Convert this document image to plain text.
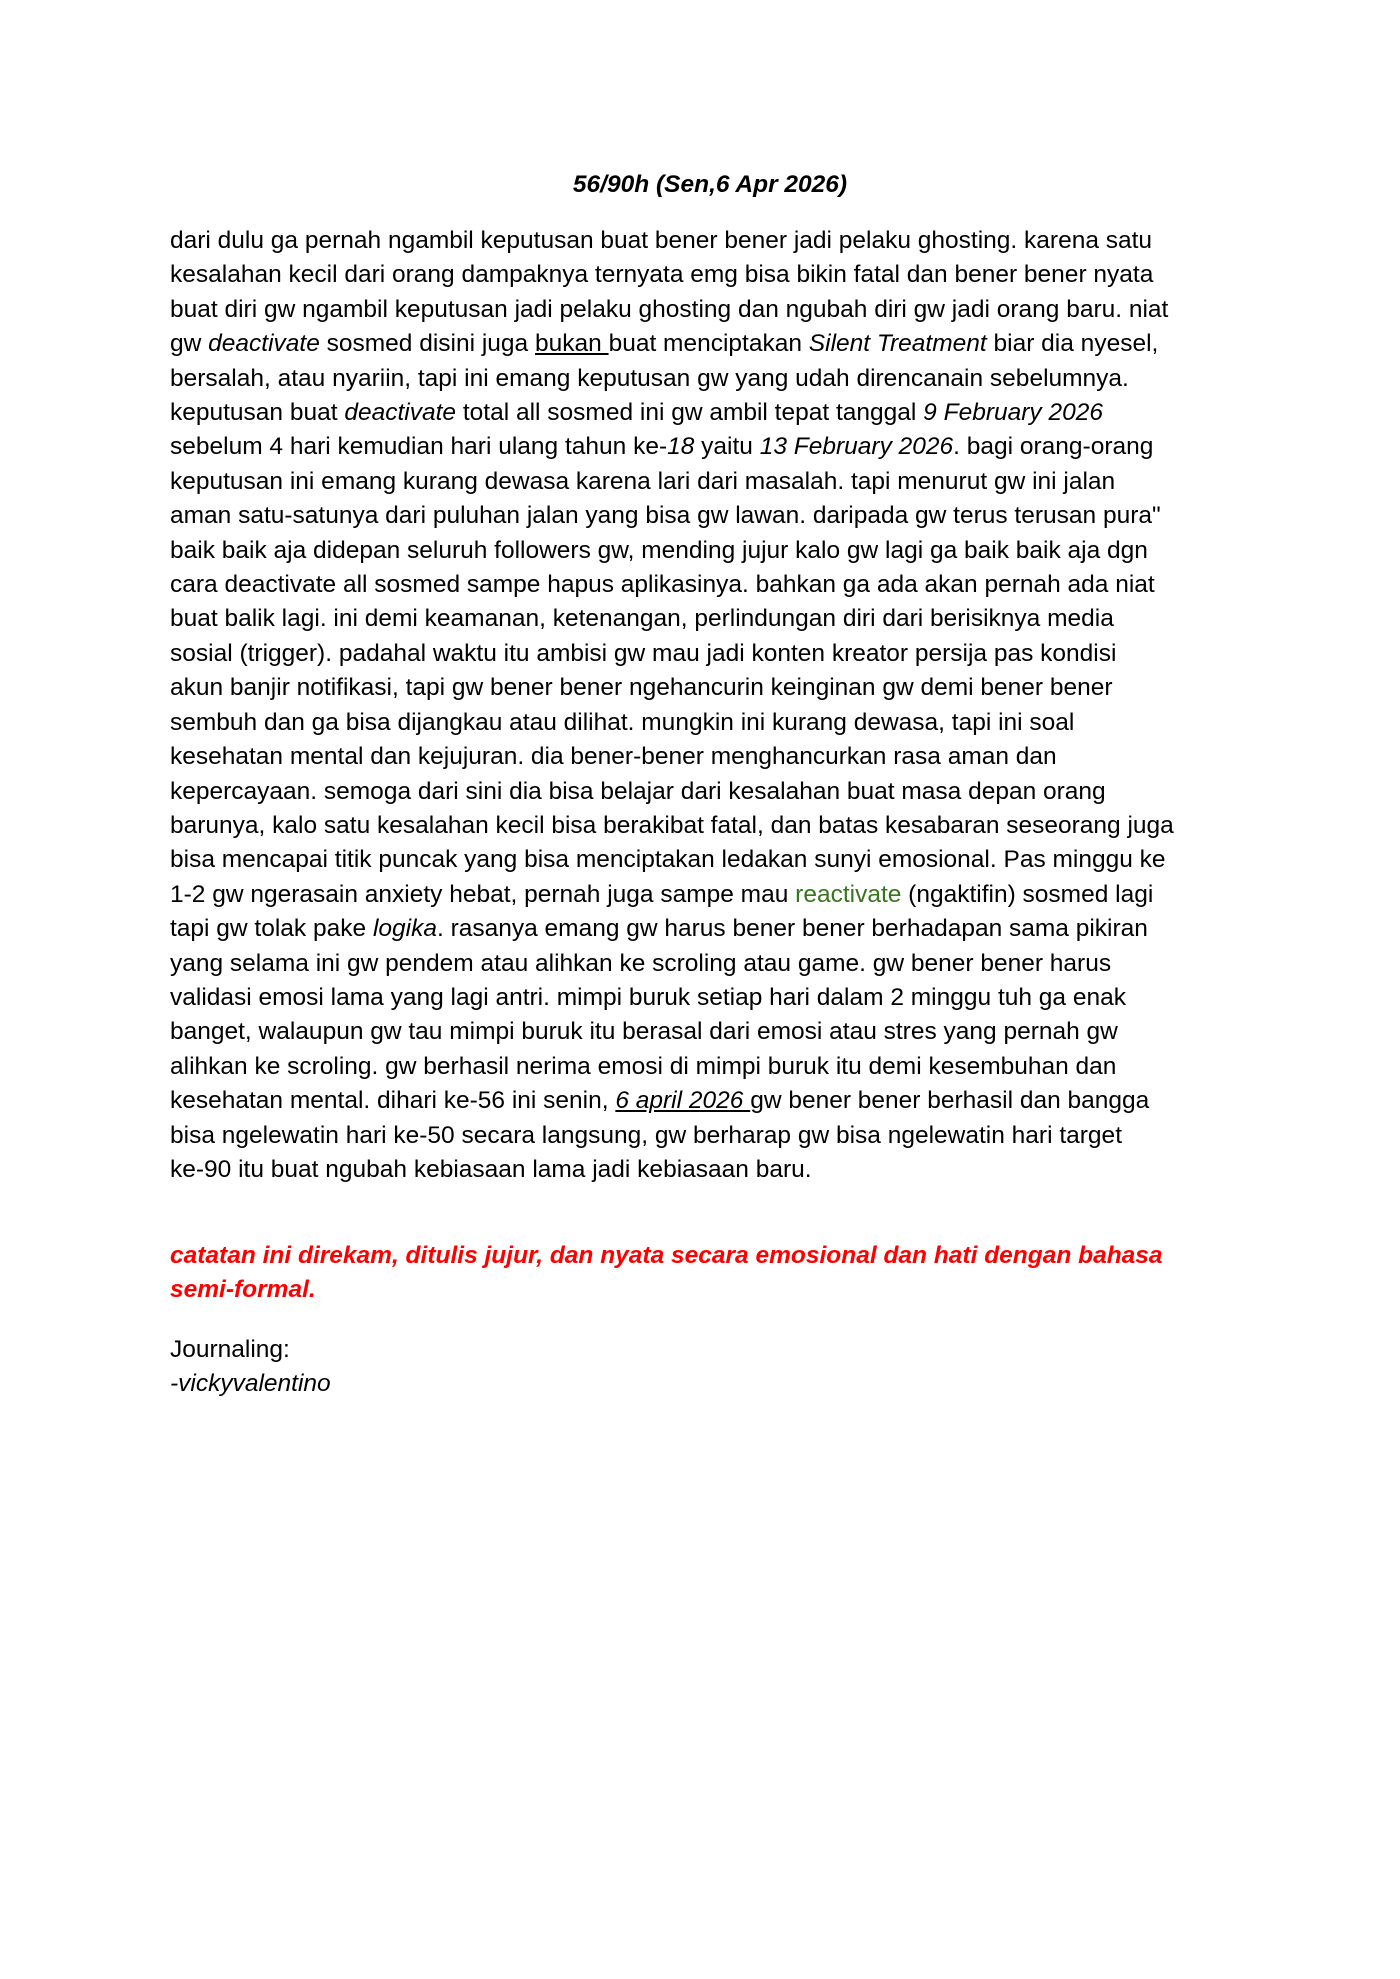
56/90h (Sen,6 Apr 2026)

dari dulu ga pernah ngambil keputusan buat bener bener jadi pelaku ghosting. karena satu

kesalahan kecil dari orang dampaknya ternyata emg bisa bikin fatal dan bener bener nyata

buat diri gw ngambil keputusan jadi pelaku ghosting dan ngubah diri gw jadi orang baru. niat

gw deactivate sosmed disini juga bukan buat menciptakan Silent Treatment biar dia nyesel,

bersalah, atau nyariin, tapi ini emang keputusan gw yang udah direncanain sebelumnya.

keputusan buat deactivate total all sosmed ini gw ambil tepat tanggal 9 February 2026

sebelum 4 hari kemudian hari ulang tahun ke-18 yaitu 13 February 2026. bagi orang-orang

keputusan ini emang kurang dewasa karena lari dari masalah. tapi menurut gw ini jalan

aman satu-satunya dari puluhan jalan yang bisa gw lawan. daripada gw terus terusan pura"

baik baik aja didepan seluruh followers gw, mending jujur kalo gw lagi ga baik baik aja dgn

cara deactivate all sosmed sampe hapus aplikasinya. bahkan ga ada akan pernah ada niat

buat balik lagi. ini demi keamanan, ketenangan, perlindungan diri dari berisiknya media

sosial (trigger). padahal waktu itu ambisi gw mau jadi konten kreator persija pas kondisi

akun banjir notifikasi, tapi gw bener bener ngehancurin keinginan gw demi bener bener

sembuh dan ga bisa dijangkau atau dilihat. mungkin ini kurang dewasa, tapi ini soal

kesehatan mental dan kejujuran. dia bener-bener menghancurkan rasa aman dan

kepercayaan. semoga dari sini dia bisa belajar dari kesalahan buat masa depan orang

barunya, kalo satu kesalahan kecil bisa berakibat fatal, dan batas kesabaran seseorang juga

bisa mencapai titik puncak yang bisa menciptakan ledakan sunyi emosional. Pas minggu ke

1-2 gw ngerasain anxiety hebat, pernah juga sampe mau reactivate (ngaktifin) sosmed lagi

tapi gw tolak pake logika. rasanya emang gw harus bener bener berhadapan sama pikiran

yang selama ini gw pendem atau alihkan ke scroling atau game. gw bener bener harus

validasi emosi lama yang lagi antri. mimpi buruk setiap hari dalam 2 minggu tuh ga enak

banget, walaupun gw tau mimpi buruk itu berasal dari emosi atau stres yang pernah gw

alihkan ke scroling. gw berhasil nerima emosi di mimpi buruk itu demi kesembuhan dan

kesehatan mental. dihari ke-56 ini senin, 6 april 2026 gw bener bener berhasil dan bangga

bisa ngelewatin hari ke-50 secara langsung, gw berharap gw bisa ngelewatin hari target

ke-90 itu buat ngubah kebiasaan lama jadi kebiasaan baru.

catatan ini direkam, ditulis jujur, dan nyata secara emosional dan hati dengan bahasa

semi-formal.

Journaling:

-vickyvalentino
